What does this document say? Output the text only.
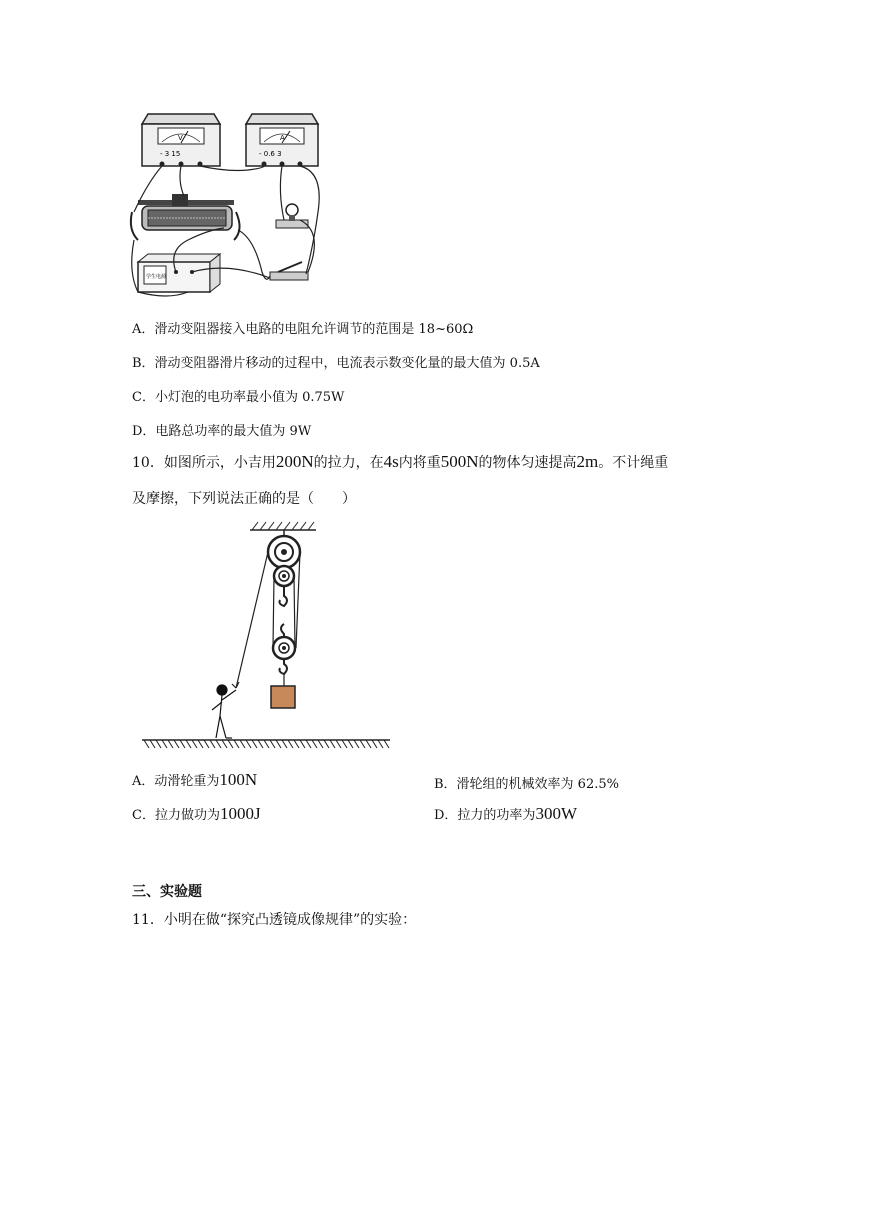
V
- 3 15
A
- 0.6 3
学生电源
A．滑动变阻器接入电路的电阻允许调节的范围是 18~60Ω
B．滑动变阻器滑片移动的过程中，电流表示数变化量的最大值为 0.5A
C．小灯泡的电功率最小值为 0.75W
D．电路总功率的最大值为 9W
10．如图所示，小吉用200N的拉力，在4s内将重500N的物体匀速提高2m。不计绳重
及摩擦，下列说法正确的是（　　）
A．动滑轮重为100N	B．滑轮组的机械效率为 62.5%
C．拉力做功为1000J	D．拉力的功率为300W
三、实验题
11．小明在做“探究凸透镜成像规律”的实验：
